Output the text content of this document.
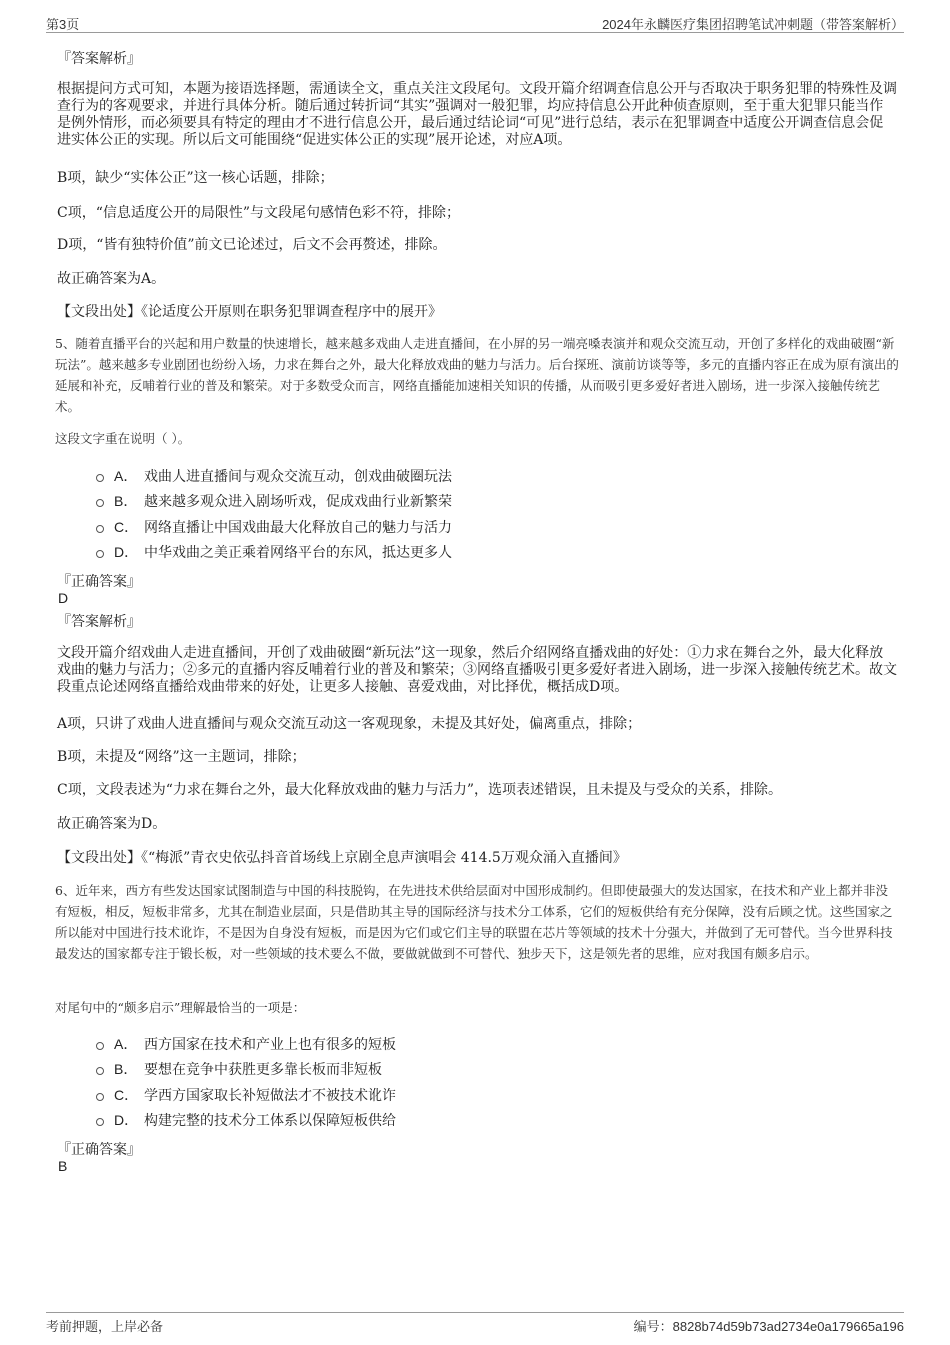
第3页	2024年永麟医疗集团招聘笔试冲刺题（带答案解析）
『答案解析』

根据提问方式可知，本题为接语选择题，需通读全文，重点关注文段尾句。文段开篇介绍调查信息公开与否取决于职务犯罪的特殊性及调查行为的客观要求，并进行具体分析。随后通过转折词“其实”强调对一般犯罪，均应持信息公开此种侦查原则，至于重大犯罪只能当作是例外情形，而必须要具有特定的理由才不进行信息公开，最后通过结论词“可见”进行总结，表示在犯罪调查中适度公开调查信息会促进实体公正的实现。所以后文可能围绕“促进实体公正的实现”展开论述，对应A项。

B项，缺少“实体公正”这一核心话题，排除；

C项，“信息适度公开的局限性”与文段尾句感情色彩不符，排除；

D项，“皆有独特价值”前文已论述过，后文不会再赘述，排除。

故正确答案为A。

【文段出处】《论适度公开原则在职务犯罪调查程序中的展开》

5、随着直播平台的兴起和用户数量的快速增长，越来越多戏曲人走进直播间，在小屏的另一端亮嗓表演并和观众交流互动，开创了多样化的戏曲破圈“新玩法”。越来越多专业剧团也纷纷入场，力求在舞台之外，最大化释放戏曲的魅力与活力。后台探班、演前访谈等等，多元的直播内容正在成为原有演出的延展和补充，反哺着行业的普及和繁荣。对于多数受众而言，网络直播能加速相关知识的传播，从而吸引更多爱好者进入剧场，进一步深入接触传统艺术。

这段文字重在说明（ ）。

A． 戏曲人进直播间与观众交流互动，创戏曲破圈玩法
B． 越来越多观众进入剧场听戏，促成戏曲行业新繁荣
C． 网络直播让中国戏曲最大化释放自己的魅力与活力
D． 中华戏曲之美正乘着网络平台的东风，抵达更多人
『正确答案』
D
『答案解析』

文段开篇介绍戏曲人走进直播间，开创了戏曲破圈“新玩法”这一现象，然后介绍网络直播戏曲的好处：①力求在舞台之外，最大化释放戏曲的魅力与活力；②多元的直播内容反哺着行业的普及和繁荣；③网络直播吸引更多爱好者进入剧场，进一步深入接触传统艺术。故文段重点论述网络直播给戏曲带来的好处，让更多人接触、喜爱戏曲，对比择优，概括成D项。

A项，只讲了戏曲人进直播间与观众交流互动这一客观现象，未提及其好处，偏离重点，排除；

B项，未提及“网络”这一主题词，排除；

C项，文段表述为“力求在舞台之外，最大化释放戏曲的魅力与活力”，选项表述错误，且未提及与受众的关系，排除。

故正确答案为D。

【文段出处】《“梅派”青衣史依弘抖音首场线上京剧全息声演唱会 414.5万观众涌入直播间》

6、近年来，西方有些发达国家试图制造与中国的科技脱钩，在先进技术供给层面对中国形成制约。但即使最强大的发达国家，在技术和产业上都并非没有短板，相反，短板非常多，尤其在制造业层面，只是借助其主导的国际经济与技术分工体系，它们的短板供给有充分保障，没有后顾之忧。这些国家之所以能对中国进行技术讹诈，不是因为自身没有短板，而是因为它们或它们主导的联盟在芯片等领域的技术十分强大，并做到了无可替代。当今世界科技最发达的国家都专注于锻长板，对一些领域的技术要么不做，要做就做到不可替代、独步天下，这是领先者的思维，应对我国有颇多启示。

对尾句中的“颇多启示”理解最恰当的一项是：

A． 西方国家在技术和产业上也有很多的短板
B． 要想在竞争中获胜更多靠长板而非短板
C． 学西方国家取长补短做法才不被技术讹诈
D． 构建完整的技术分工体系以保障短板供给
『正确答案』
B
考前押题，上岸必备	编号：8828b74d59b73ad2734e0a179665a196
